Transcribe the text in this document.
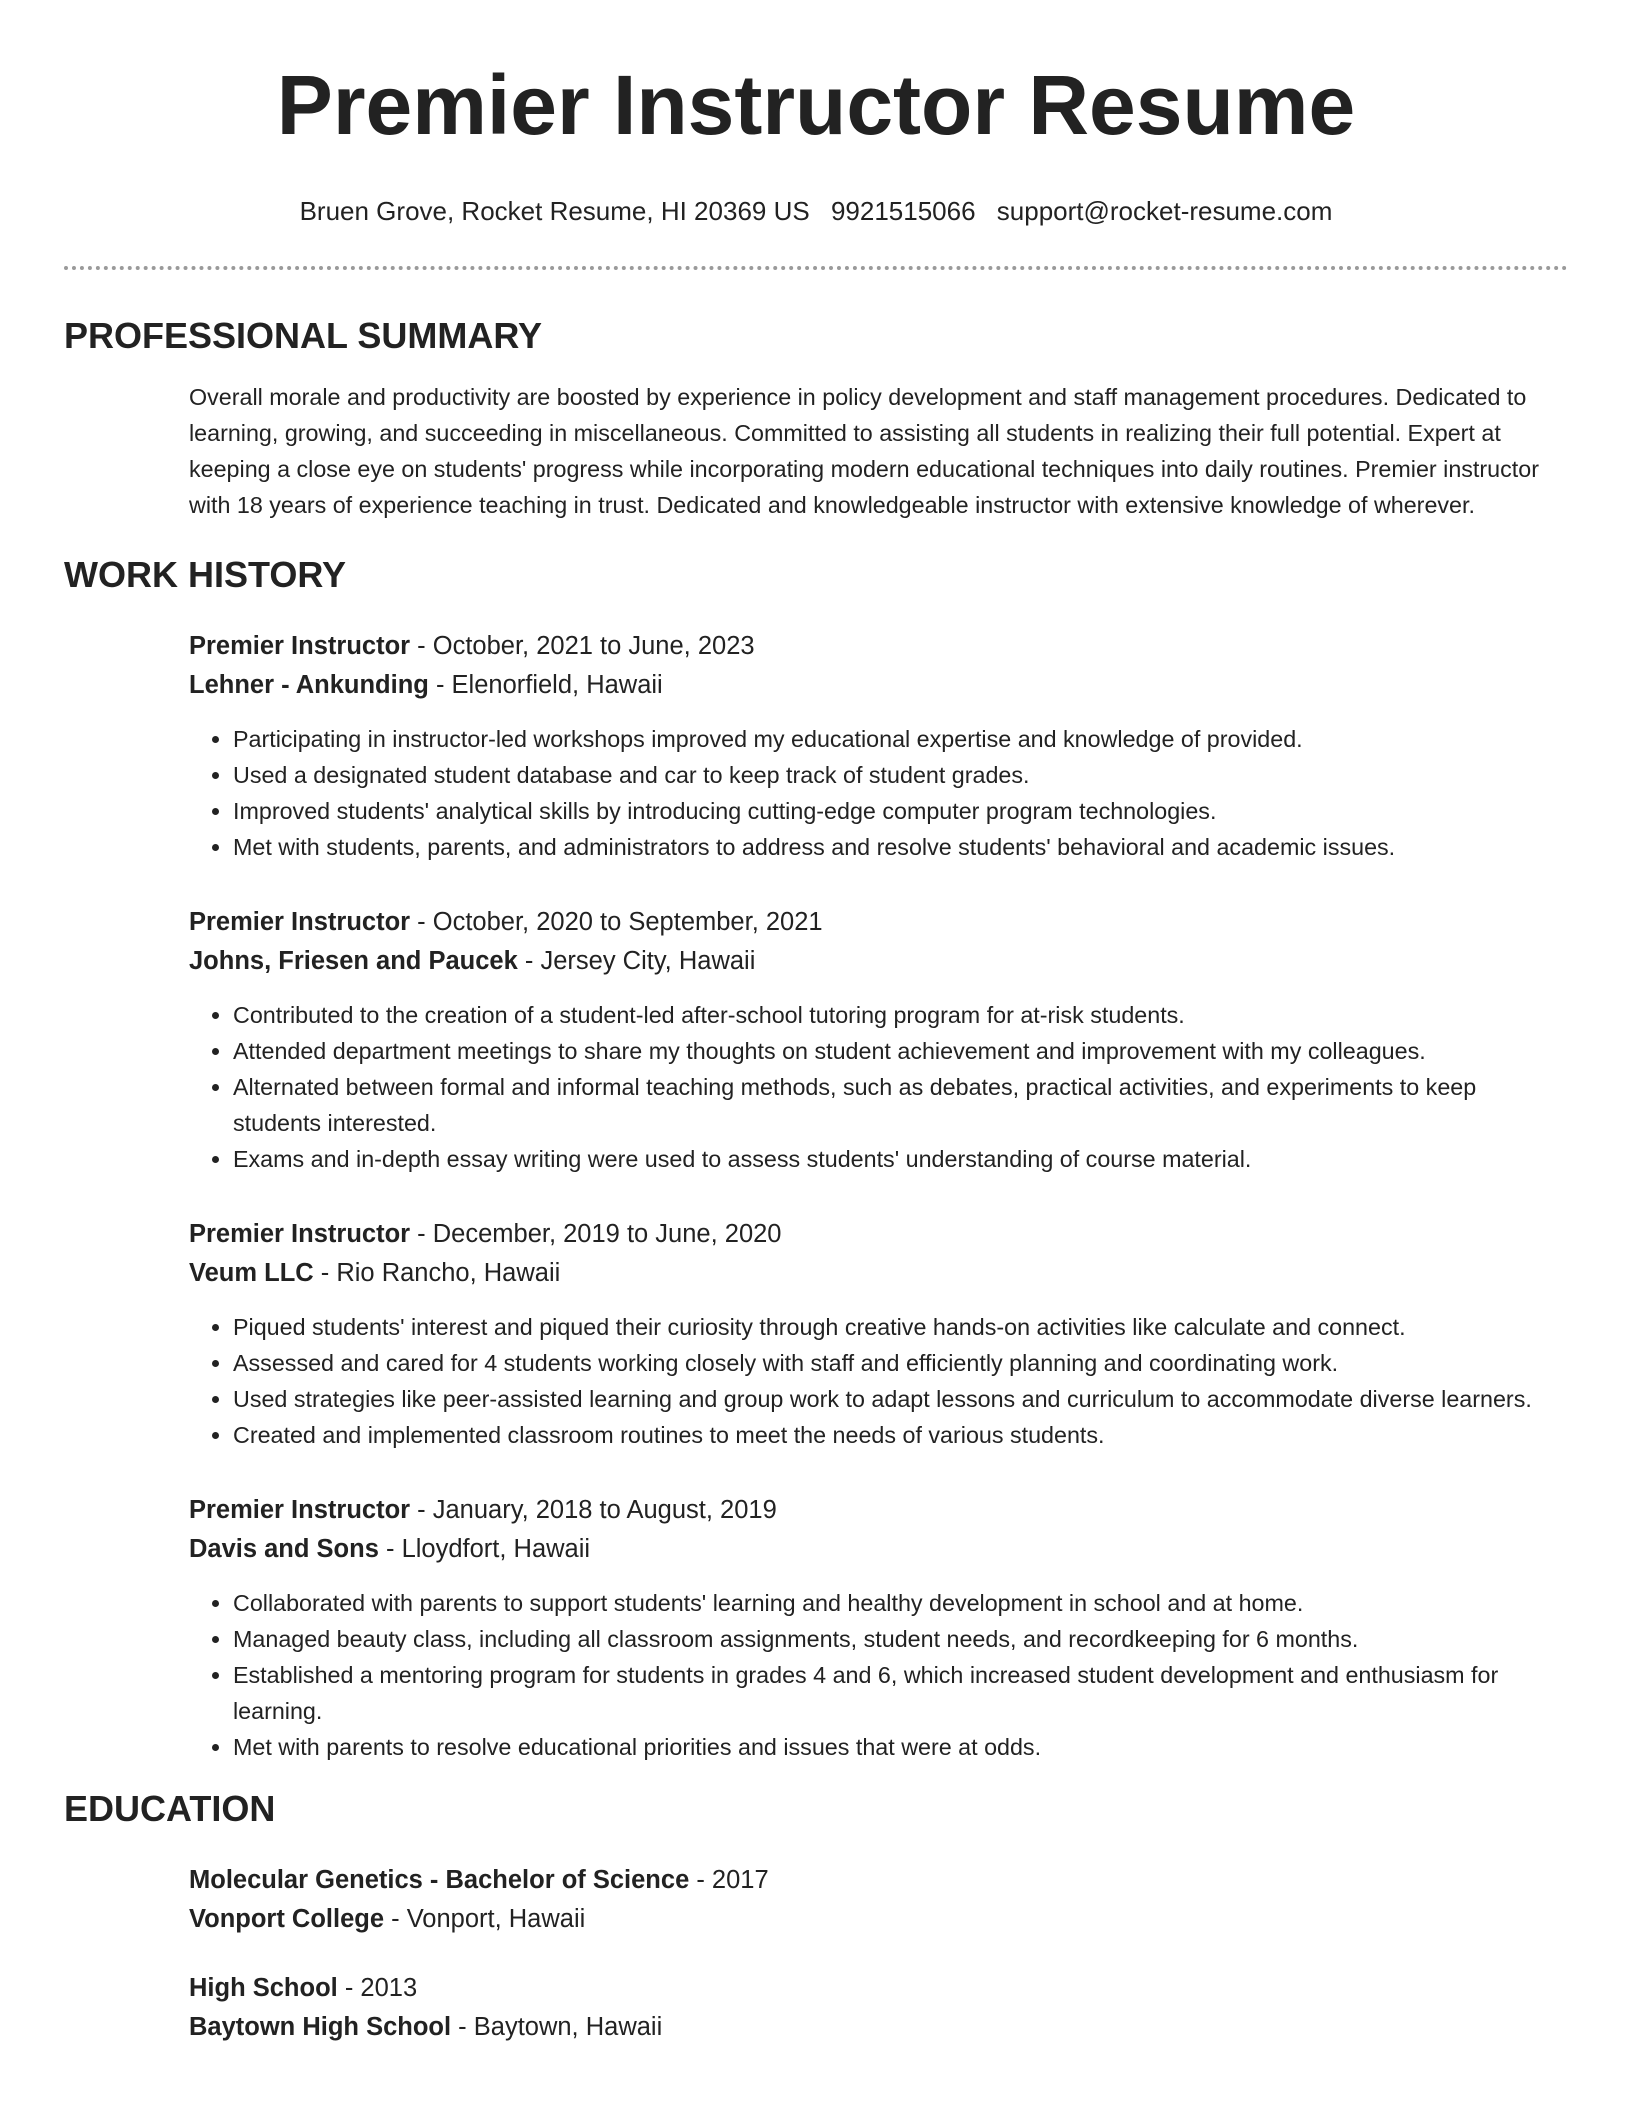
Premier Instructor Resume
Bruen Grove, Rocket Resume, HI 20369 US 9921515066 support@rocket-resume.com
PROFESSIONAL SUMMARY
Overall morale and productivity are boosted by experience in policy development and staff management procedures. Dedicated to learning, growing, and succeeding in miscellaneous. Committed to assisting all students in realizing their full potential. Expert at keeping a close eye on students' progress while incorporating modern educational techniques into daily routines. Premier instructor with 18 years of experience teaching in trust. Dedicated and knowledgeable instructor with extensive knowledge of wherever.
WORK HISTORY
Premier Instructor - October, 2021 to June, 2023
Lehner - Ankunding - Elenorfield, Hawaii
• Participating in instructor-led workshops improved my educational expertise and knowledge of provided.
• Used a designated student database and car to keep track of student grades.
• Improved students' analytical skills by introducing cutting-edge computer program technologies.
• Met with students, parents, and administrators to address and resolve students' behavioral and academic issues.
Premier Instructor - October, 2020 to September, 2021
Johns, Friesen and Paucek - Jersey City, Hawaii
• Contributed to the creation of a student-led after-school tutoring program for at-risk students.
• Attended department meetings to share my thoughts on student achievement and improvement with my colleagues.
• Alternated between formal and informal teaching methods, such as debates, practical activities, and experiments to keep students interested.
• Exams and in-depth essay writing were used to assess students' understanding of course material.
Premier Instructor - December, 2019 to June, 2020
Veum LLC - Rio Rancho, Hawaii
• Piqued students' interest and piqued their curiosity through creative hands-on activities like calculate and connect.
• Assessed and cared for 4 students working closely with staff and efficiently planning and coordinating work.
• Used strategies like peer-assisted learning and group work to adapt lessons and curriculum to accommodate diverse learners.
• Created and implemented classroom routines to meet the needs of various students.
Premier Instructor - January, 2018 to August, 2019
Davis and Sons - Lloydfort, Hawaii
• Collaborated with parents to support students' learning and healthy development in school and at home.
• Managed beauty class, including all classroom assignments, student needs, and recordkeeping for 6 months.
• Established a mentoring program for students in grades 4 and 6, which increased student development and enthusiasm for learning.
• Met with parents to resolve educational priorities and issues that were at odds.
EDUCATION
Molecular Genetics - Bachelor of Science - 2017
Vonport College - Vonport, Hawaii
High School - 2013
Baytown High School - Baytown, Hawaii
